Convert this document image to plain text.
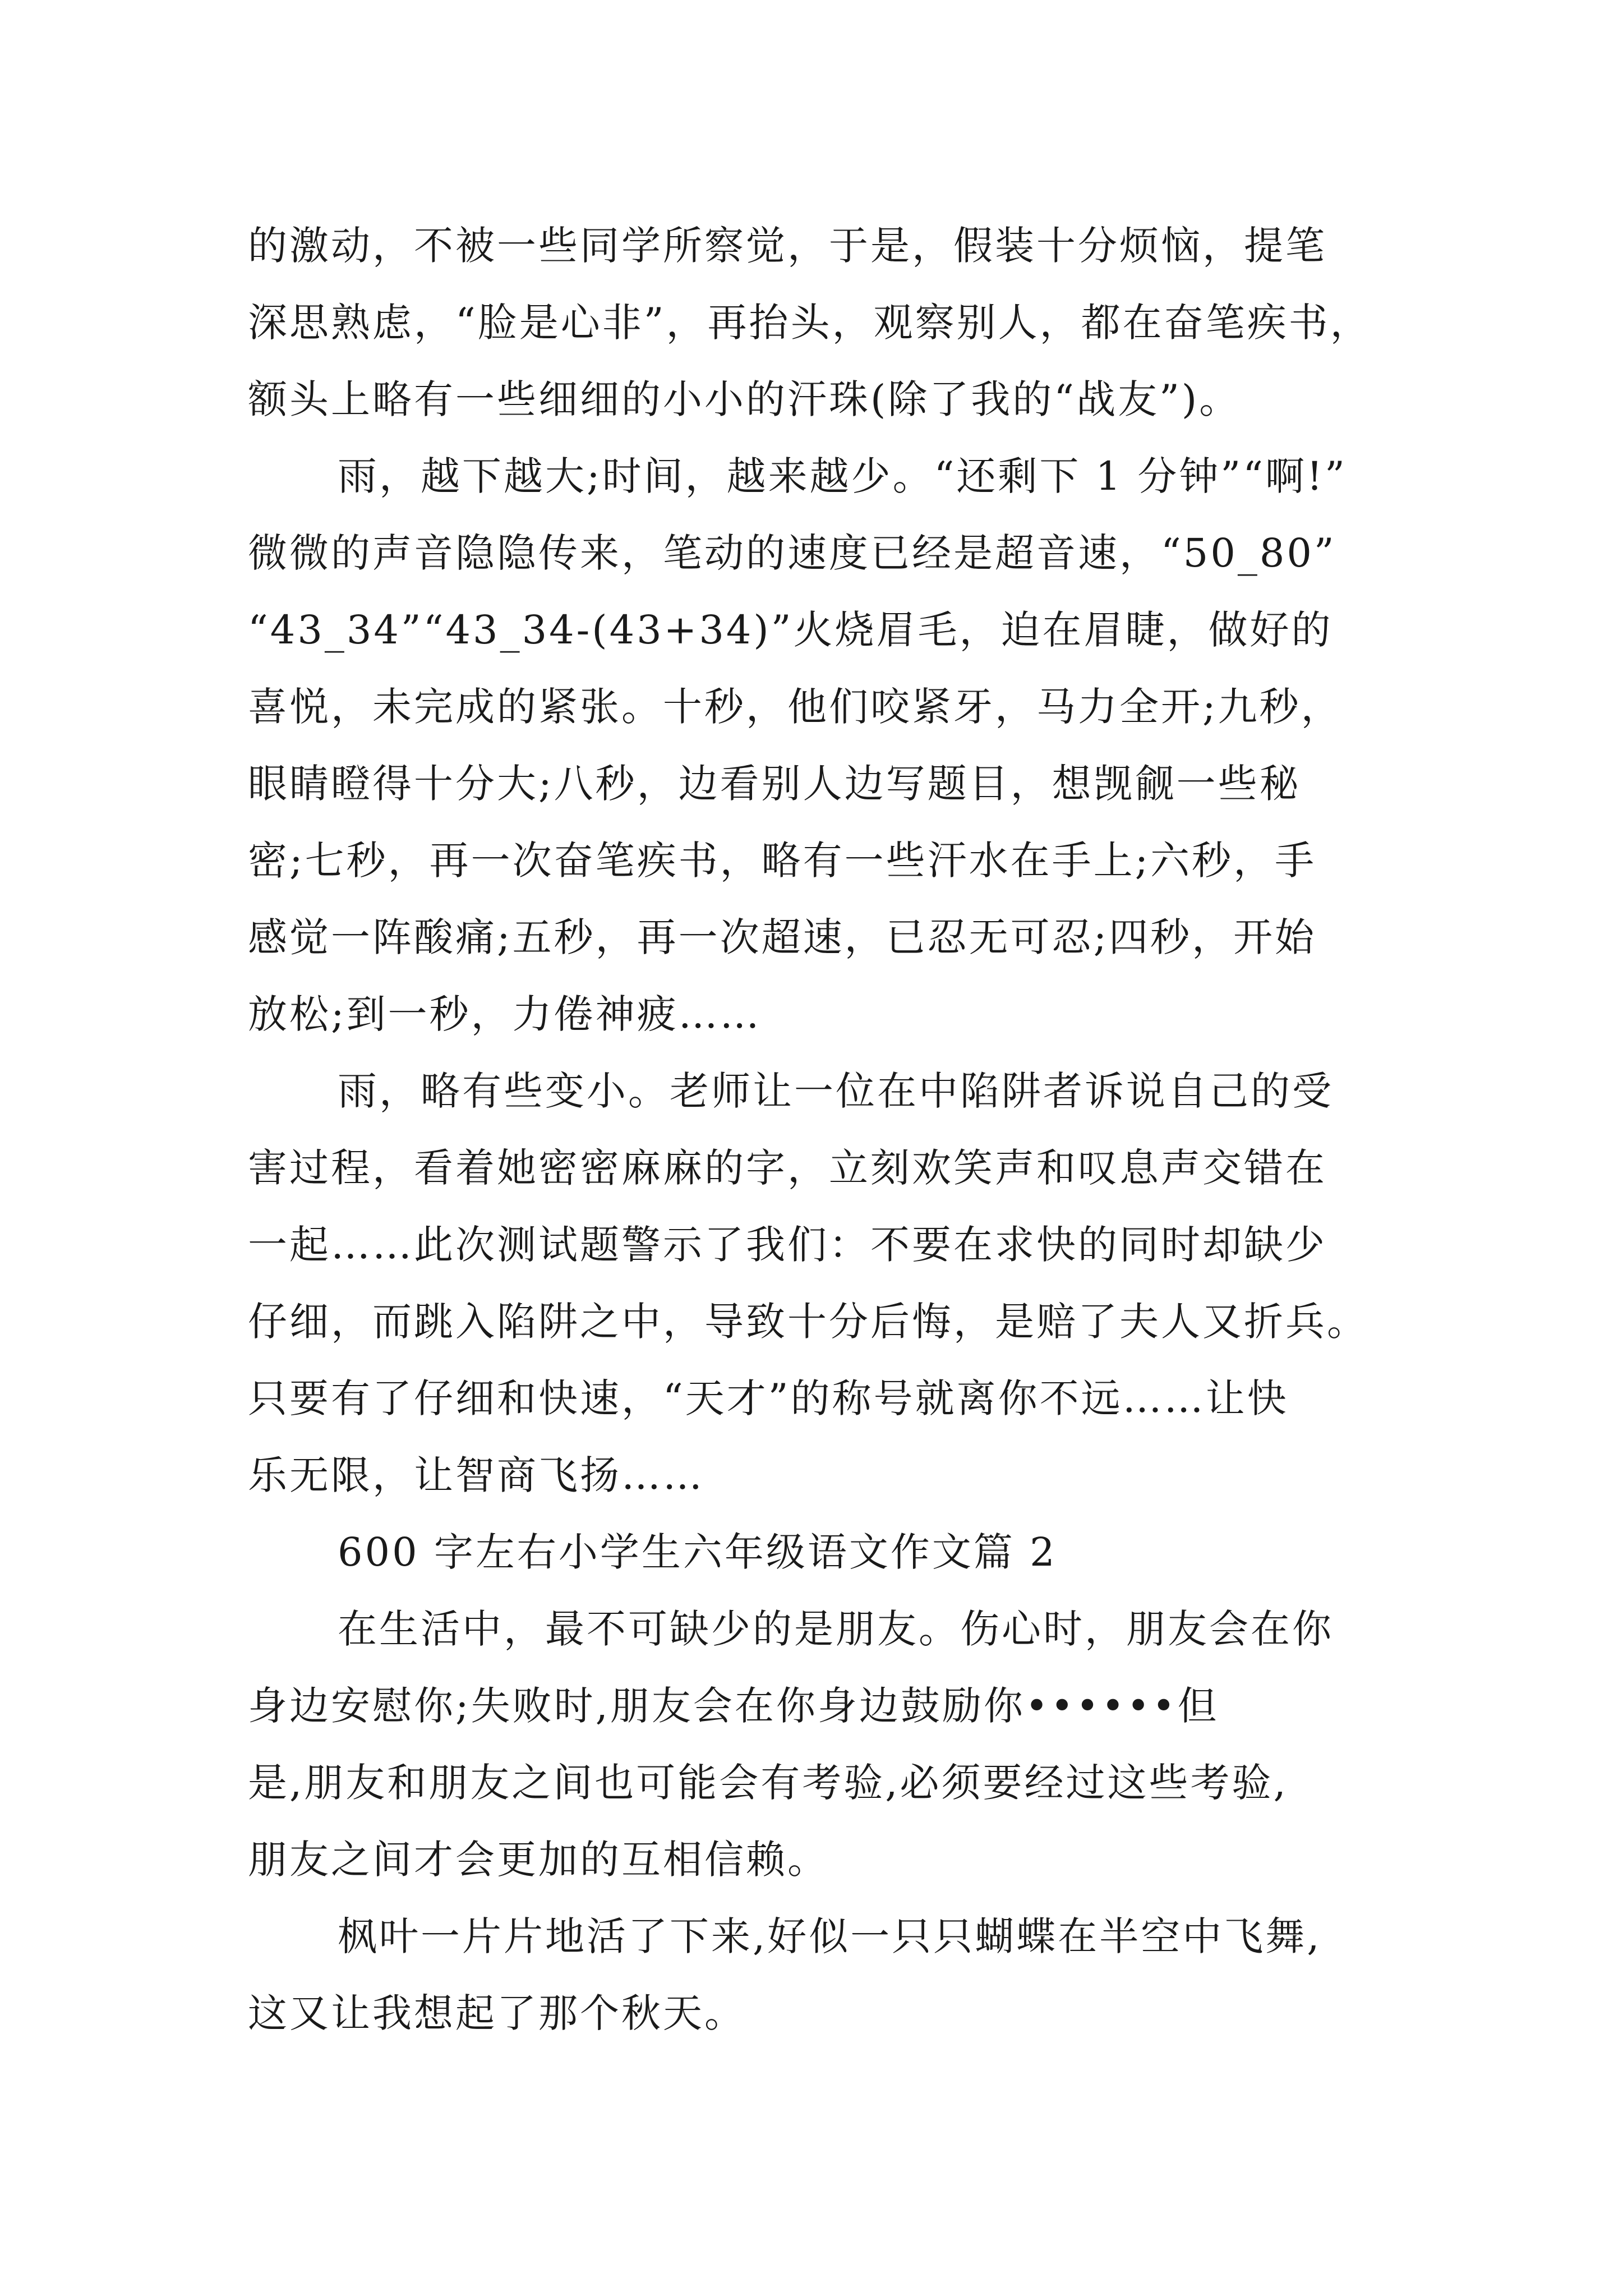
的激动，不被一些同学所察觉，于是，假装十分烦恼，提笔
深思熟虑，“脸是心非”，再抬头，观察别人，都在奋笔疾书，
额头上略有一些细细的小小的汗珠(除了我的“战友”)。
雨，越下越大;时间，越来越少。“还剩下 1 分钟”“啊!”
微微的声音隐隐传来，笔动的速度已经是超音速，“50_80”
“43_34”“43_34-(43+34)”火烧眉毛，迫在眉睫，做好的
喜悦，未完成的紧张。十秒，他们咬紧牙，马力全开;九秒，
眼睛瞪得十分大;八秒，边看别人边写题目，想觊觎一些秘
密;七秒，再一次奋笔疾书，略有一些汗水在手上;六秒，手
感觉一阵酸痛;五秒，再一次超速，已忍无可忍;四秒，开始
放松;到一秒，力倦神疲……
雨，略有些变小。老师让一位在中陷阱者诉说自己的受
害过程，看着她密密麻麻的字，立刻欢笑声和叹息声交错在
一起……此次测试题警示了我们：不要在求快的同时却缺少
仔细，而跳入陷阱之中，导致十分后悔，是赔了夫人又折兵。
只要有了仔细和快速，“天才”的称号就离你不远……让快
乐无限，让智商飞扬……
600 字左右小学生六年级语文作文篇 2
在生活中，最不可缺少的是朋友。伤心时，朋友会在你
身边安慰你;失败时,朋友会在你身边鼓励你••••••但
是,朋友和朋友之间也可能会有考验,必须要经过这些考验,
朋友之间才会更加的互相信赖。
枫叶一片片地活了下来,好似一只只蝴蝶在半空中飞舞,
这又让我想起了那个秋天。
